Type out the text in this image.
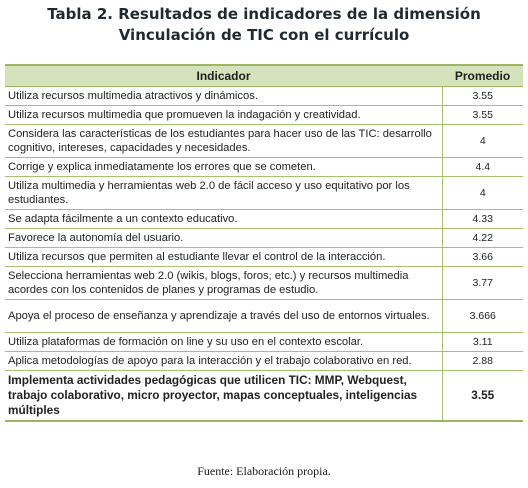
Tabla 2. Resultados de indicadores de la dimensión
Vinculación de TIC con el currículo
Indicador	Promedio
Utiliza recursos multimedia atractivos y dinámicos.	3.55
Utiliza recursos multimedia que promueven la indagación y creatividad.	3.55
Considera las características de los estudiantes para hacer uso de las TIC: desarrollo cognitivo, intereses, capacidades y necesidades.	4
Corrige y explica inmediatamente los errores que se cometen.	4.4
Utiliza multimedia y herramientas web 2.0 de fácil acceso y uso equitativo por los estudiantes.	4
Se adapta fácilmente a un contexto educativo.	4.33
Favorece la autonomía del usuario.	4.22
Utiliza recursos que permiten al estudiante llevar el control de la interacción.	3.66
Selecciona herramientas web 2.0 (wikis, blogs, foros, etc.) y recursos multimedia acordes con los contenidos de planes y programas de estudio.	3.77
Apoya el proceso de enseñanza y aprendizaje a través del uso de entornos virtuales.	3.666
Utiliza plataformas de formación on line y su uso en el contexto escolar.	3.11
Aplica metodologías de apoyo para la interacción y el trabajo colaborativo en red.	2.88
Implementa actividades pedagógicas que utilicen TIC: MMP, Webquest, trabajo colaborativo, micro proyector, mapas conceptuales, inteligencias múltiples	3.55
Fuente: Elaboración propia.
